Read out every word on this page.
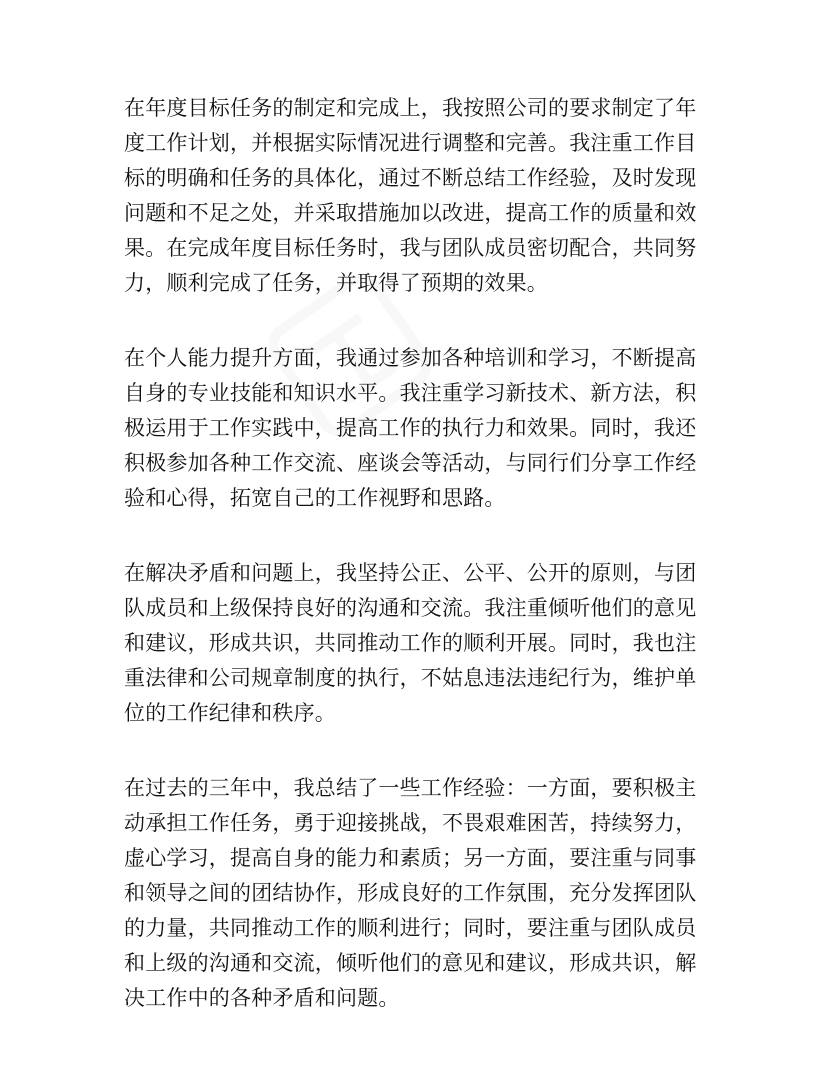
在年度目标任务的制定和完成上，我按照公司的要求制定了年
度工作计划，并根据实际情况进行调整和完善。我注重工作目
标的明确和任务的具体化，通过不断总结工作经验，及时发现
问题和不足之处，并采取措施加以改进，提高工作的质量和效
果。在完成年度目标任务时，我与团队成员密切配合，共同努
力，顺利完成了任务，并取得了预期的效果。
在个人能力提升方面，我通过参加各种培训和学习，不断提高
自身的专业技能和知识水平。我注重学习新技术、新方法，积
极运用于工作实践中，提高工作的执行力和效果。同时，我还
积极参加各种工作交流、座谈会等活动，与同行们分享工作经
验和心得，拓宽自己的工作视野和思路。
在解决矛盾和问题上，我坚持公正、公平、公开的原则，与团
队成员和上级保持良好的沟通和交流。我注重倾听他们的意见
和建议，形成共识，共同推动工作的顺利开展。同时，我也注
重法律和公司规章制度的执行，不姑息违法违纪行为，维护单
位的工作纪律和秩序。
在过去的三年中，我总结了一些工作经验：一方面，要积极主
动承担工作任务，勇于迎接挑战，不畏艰难困苦，持续努力，
虚心学习，提高自身的能力和素质；另一方面，要注重与同事
和领导之间的团结协作，形成良好的工作氛围，充分发挥团队
的力量，共同推动工作的顺利进行；同时，要注重与团队成员
和上级的沟通和交流，倾听他们的意见和建议，形成共识，解
决工作中的各种矛盾和问题。
